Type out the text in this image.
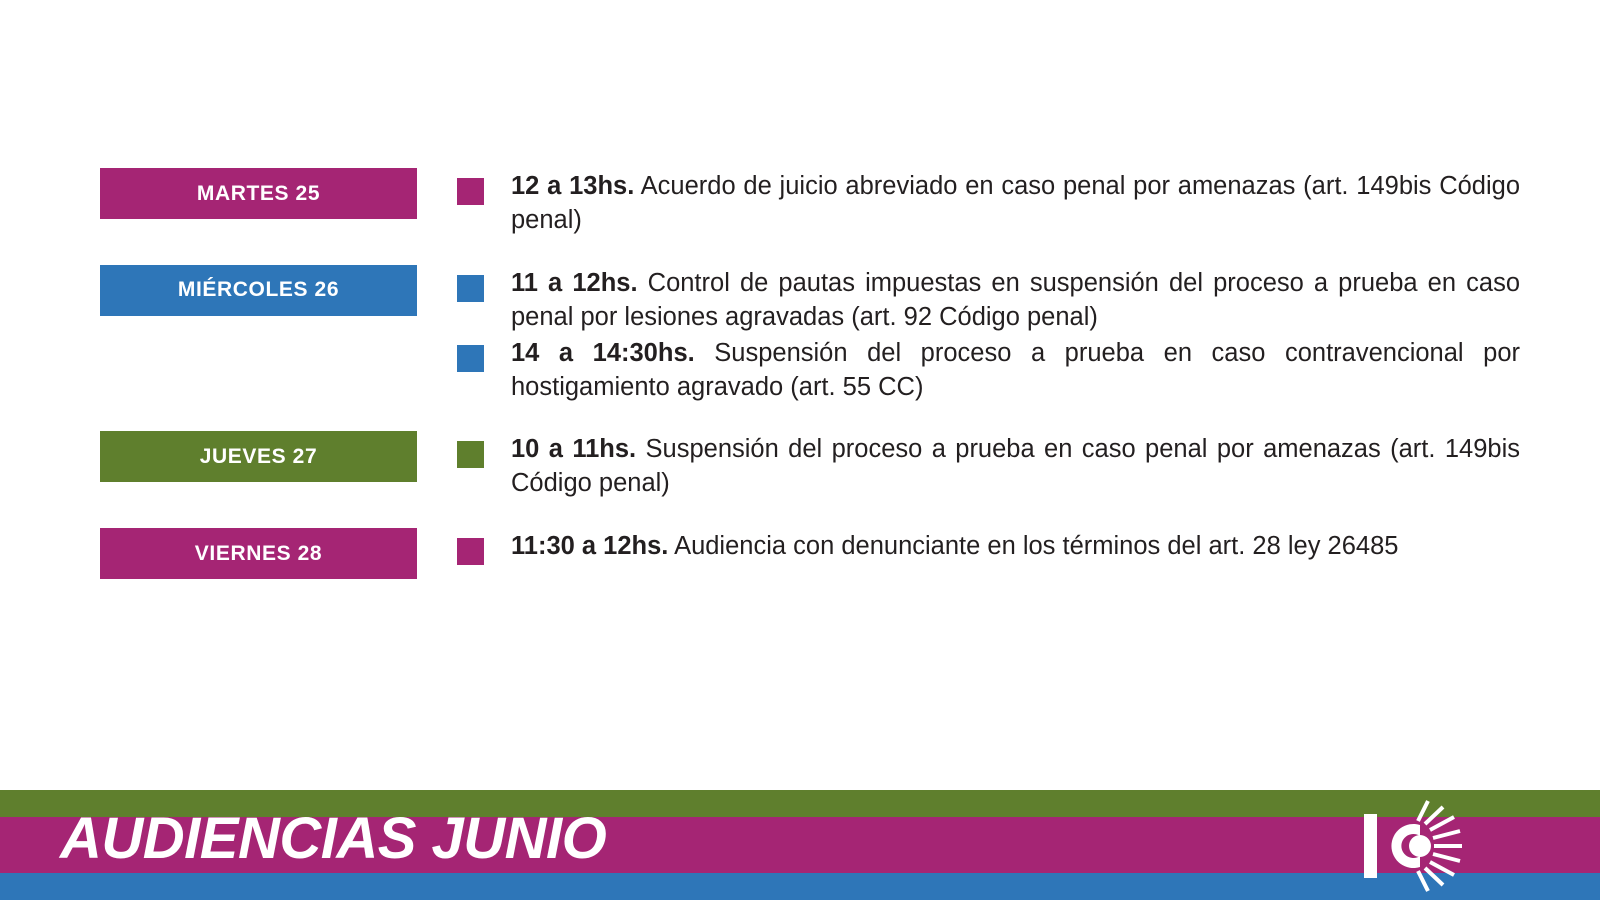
MARTES 25	12 a 13hs. Acuerdo de juicio abreviado en caso penal por amenazas (art. 149bis Código penal)
MIÉRCOLES 26	11 a 12hs. Control de pautas impuestas en suspensión del proceso a prueba en caso penal por lesiones agravadas (art. 92 Código penal)
14 a 14:30hs. Suspensión del proceso a prueba en caso contravencional por hostigamiento agravado (art. 55 CC)
JUEVES 27	10 a 11hs. Suspensión del proceso a prueba en caso penal por amenazas (art. 149bis Código penal)
VIERNES 28	11:30 a 12hs. Audiencia con denunciante en los términos del art. 28 ley 26485
AUDIENCIAS JUNIO
